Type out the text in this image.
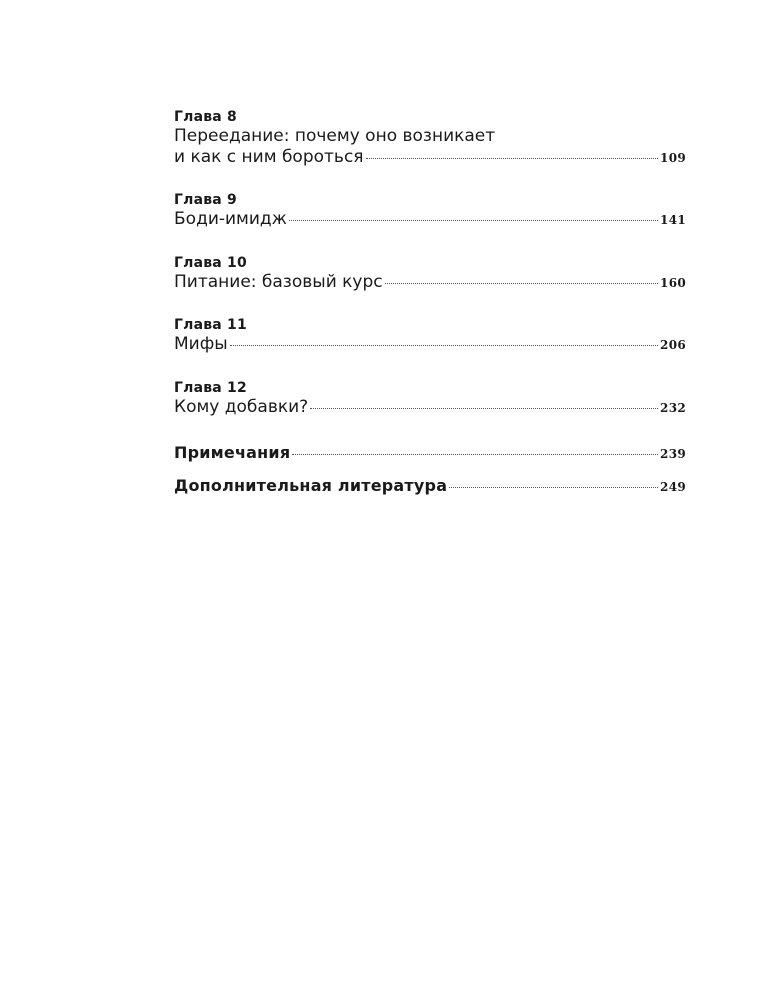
Глава 8
Переедание: почему оно возникает
и как с ним бороться	109
Глава 9
Боди-имидж	141
Глава 10
Питание: базовый курс	160
Глава 11
Мифы	206
Глава 12
Кому добавки?	232
Примечания	239
Дополнительная литература	249
